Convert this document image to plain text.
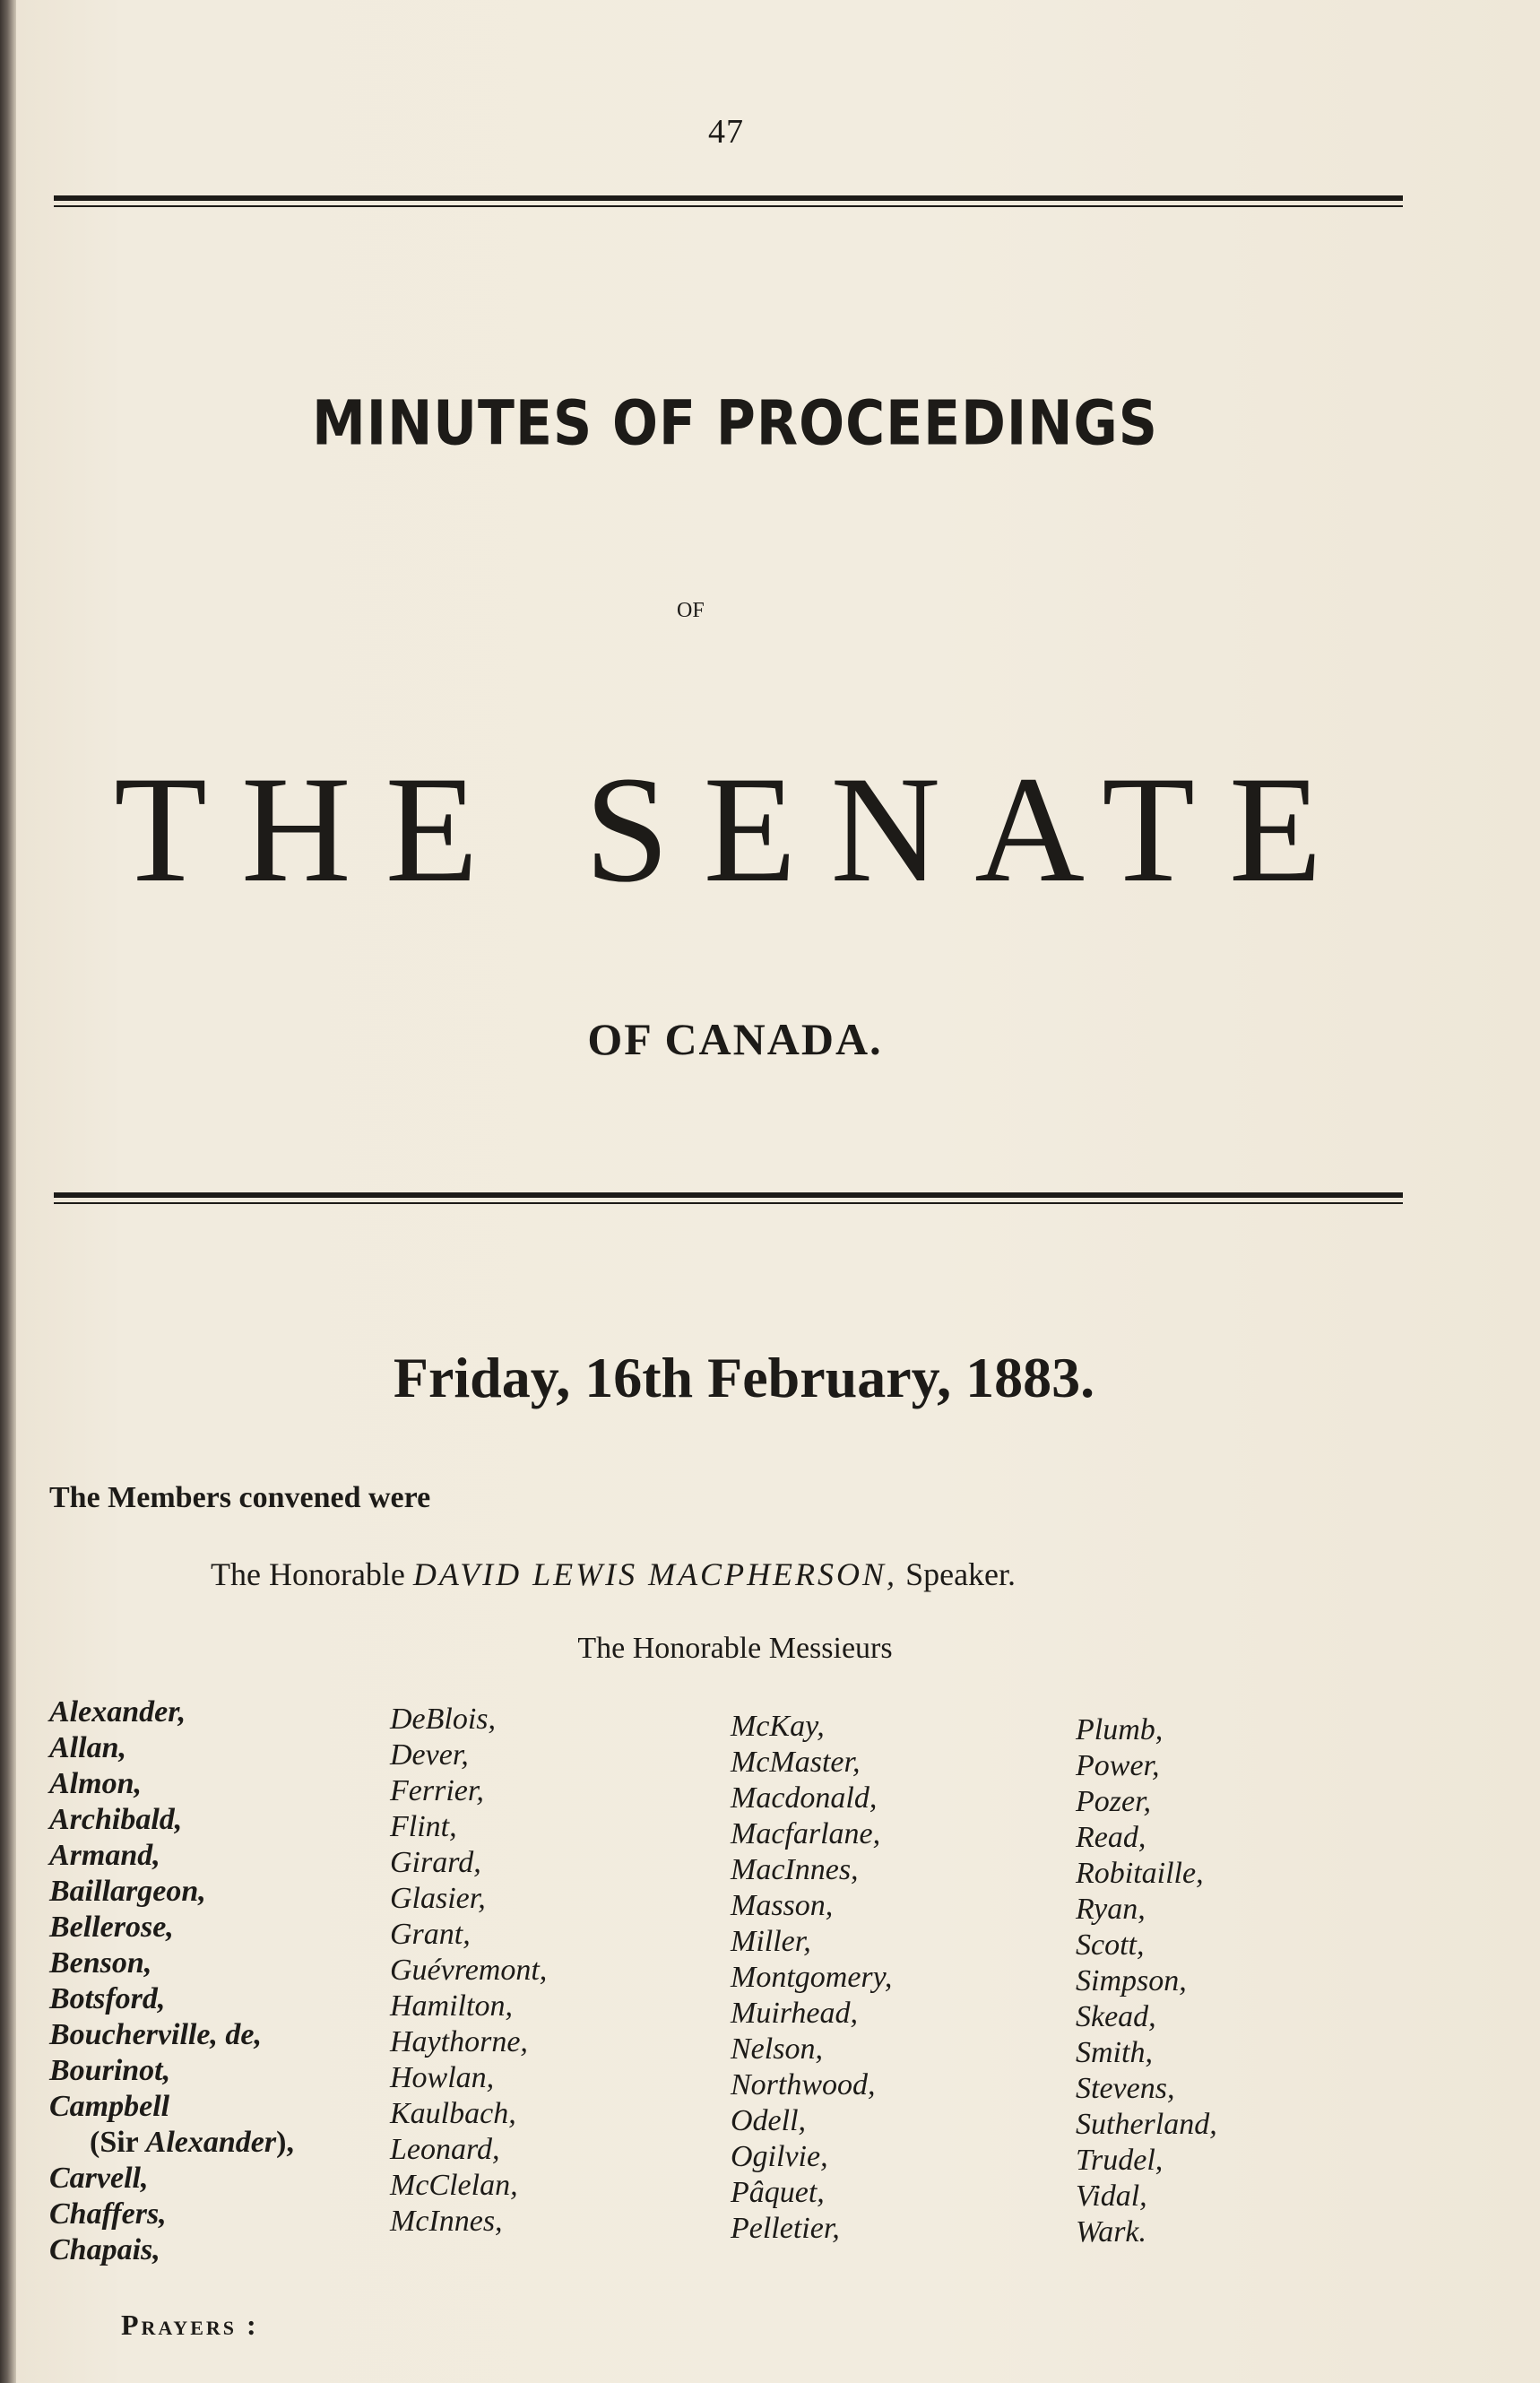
47
MINUTES OF PROCEEDINGS
OF
THE SENATE
OF CANADA.
Friday, 16th February, 1883.
The Members convened were
The Honorable DAVID LEWIS MACPHERSON, Speaker.
The Honorable Messieurs
Alexander,
Allan,
Almon,
Archibald,
Armand,
Baillargeon,
Bellerose,
Benson,
Botsford,
Boucherville, de,
Bourinot,
Campbell
(Sir Alexander),
Carvell,
Chaffers,
Chapais,
DeBlois,
Dever,
Ferrier,
Flint,
Girard,
Glasier,
Grant,
Guévremont,
Hamilton,
Haythorne,
Howlan,
Kaulbach,
Leonard,
McClelan,
McInnes,
McKay,
McMaster,
Macdonald,
Macfarlane,
MacInnes,
Masson,
Miller,
Montgomery,
Muirhead,
Nelson,
Northwood,
Odell,
Ogilvie,
Pâquet,
Pelletier,
Plumb,
Power,
Pozer,
Read,
Robitaille,
Ryan,
Scott,
Simpson,
Skead,
Smith,
Stevens,
Sutherland,
Trudel,
Vidal,
Wark.
Prayers :
